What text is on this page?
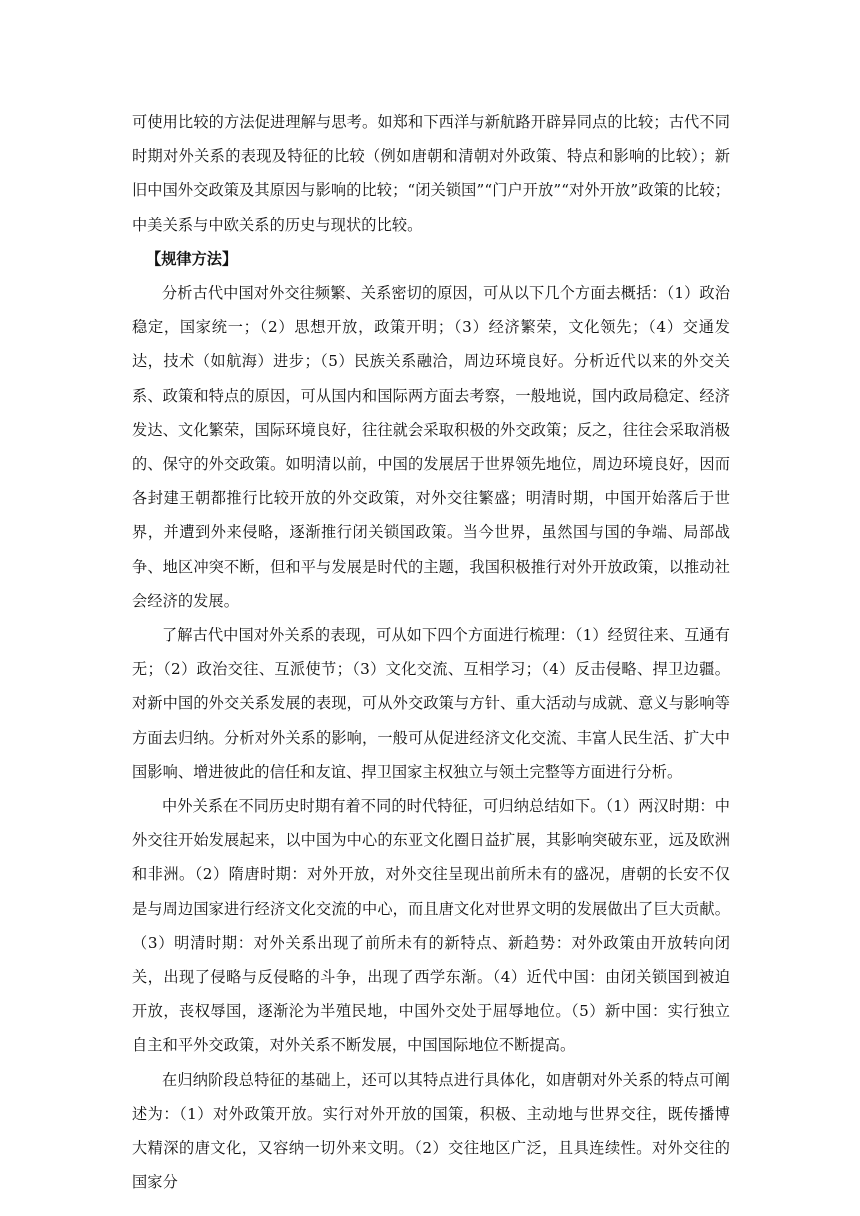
可使用比较的方法促进理解与思考。如郑和下西洋与新航路开辟异同点的比较；古代不同时期对外关系的表现及特征的比较（例如唐朝和清朝对外政策、特点和影响的比较）；新旧中国外交政策及其原因与影响的比较；“闭关锁国”“门户开放”“对外开放”政策的比较；中美关系与中欧关系的历史与现状的比较。

【规律方法】

分析古代中国对外交往频繁、关系密切的原因，可从以下几个方面去概括：（1）政治稳定，国家统一；（2）思想开放，政策开明；（3）经济繁荣，文化领先；（4）交通发达，技术（如航海）进步；（5）民族关系融洽，周边环境良好。分析近代以来的外交关系、政策和特点的原因，可从国内和国际两方面去考察，一般地说，国内政局稳定、经济发达、文化繁荣，国际环境良好，往往就会采取积极的外交政策；反之，往往会采取消极的、保守的外交政策。如明清以前，中国的发展居于世界领先地位，周边环境良好，因而各封建王朝都推行比较开放的外交政策，对外交往繁盛；明清时期，中国开始落后于世界，并遭到外来侵略，逐渐推行闭关锁国政策。当今世界，虽然国与国的争端、局部战争、地区冲突不断，但和平与发展是时代的主题，我国积极推行对外开放政策，以推动社会经济的发展。

了解古代中国对外关系的表现，可从如下四个方面进行梳理：（1）经贸往来、互通有无；（2）政治交往、互派使节；（3）文化交流、互相学习；（4）反击侵略、捍卫边疆。对新中国的外交关系发展的表现，可从外交政策与方针、重大活动与成就、意义与影响等方面去归纳。分析对外关系的影响，一般可从促进经济文化交流、丰富人民生活、扩大中国影响、增进彼此的信任和友谊、捍卫国家主权独立与领土完整等方面进行分析。

中外关系在不同历史时期有着不同的时代特征，可归纳总结如下。（1）两汉时期：中外交往开始发展起来，以中国为中心的东亚文化圈日益扩展，其影响突破东亚，远及欧洲和非洲。（2）隋唐时期：对外开放，对外交往呈现出前所未有的盛况，唐朝的长安不仅是与周边国家进行经济文化交流的中心，而且唐文化对世界文明的发展做出了巨大贡献。（3）明清时期：对外关系出现了前所未有的新特点、新趋势：对外政策由开放转向闭关，出现了侵略与反侵略的斗争，出现了西学东渐。（4）近代中国：由闭关锁国到被迫开放，丧权辱国，逐渐沦为半殖民地，中国外交处于屈辱地位。（5）新中国：实行独立自主和平外交政策，对外关系不断发展，中国国际地位不断提高。

在归纳阶段总特征的基础上，还可以其特点进行具体化，如唐朝对外关系的特点可阐述为：（1）对外政策开放。实行对外开放的国策，积极、主动地与世界交往，既传播博大精深的唐文化，又容纳一切外来文明。（2）交往地区广泛，且具连续性。对外交往的国家分
